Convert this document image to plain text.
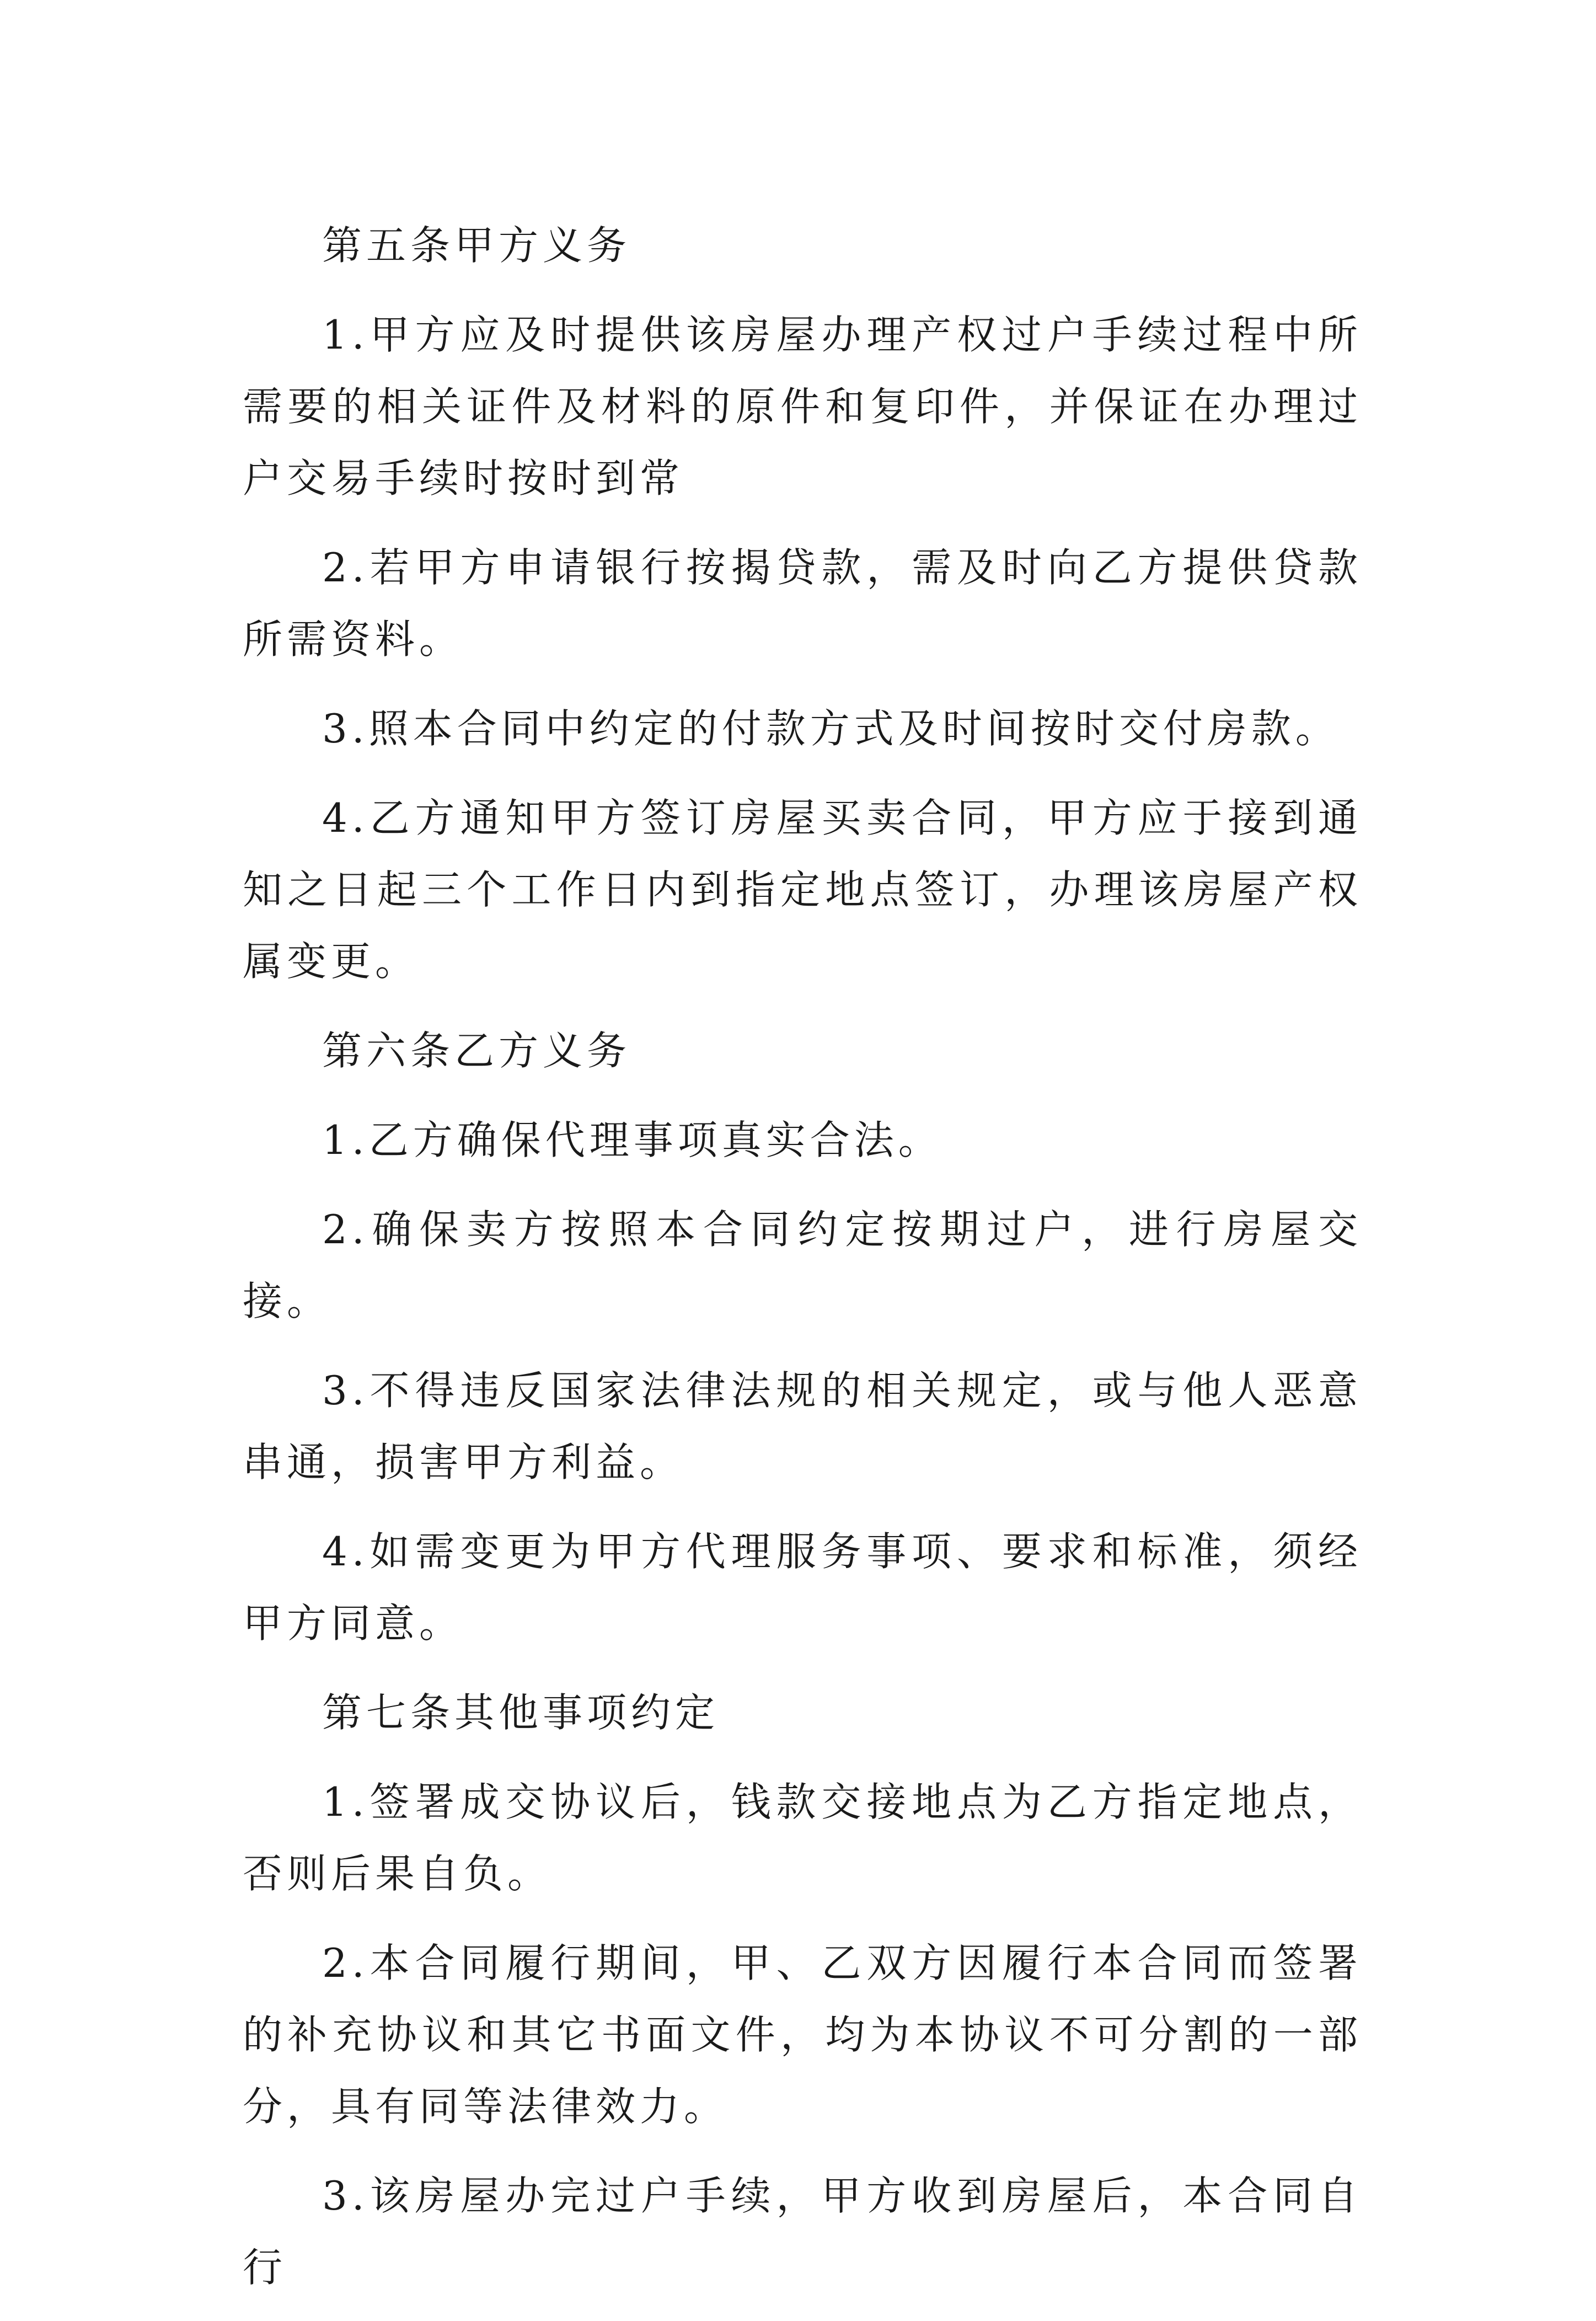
第五条甲方义务

1.甲方应及时提供该房屋办理产权过户手续过程中所需要的相关证件及材料的原件和复印件，并保证在办理过户交易手续时按时到常

2.若甲方申请银行按揭贷款，需及时向乙方提供贷款所需资料。

3.照本合同中约定的付款方式及时间按时交付房款。

4.乙方通知甲方签订房屋买卖合同，甲方应于接到通知之日起三个工作日内到指定地点签订，办理该房屋产权属变更。

第六条乙方义务

1.乙方确保代理事项真实合法。

2.确保卖方按照本合同约定按期过户，进行房屋交接。

3.不得违反国家法律法规的相关规定，或与他人恶意串通，损害甲方利益。

4.如需变更为甲方代理服务事项、要求和标准，须经甲方同意。

第七条其他事项约定

1.签署成交协议后，钱款交接地点为乙方指定地点，否则后果自负。

2.本合同履行期间，甲、乙双方因履行本合同而签署的补充协议和其它书面文件，均为本协议不可分割的一部分，具有同等法律效力。

3.该房屋办完过户手续，甲方收到房屋后，本合同自行
